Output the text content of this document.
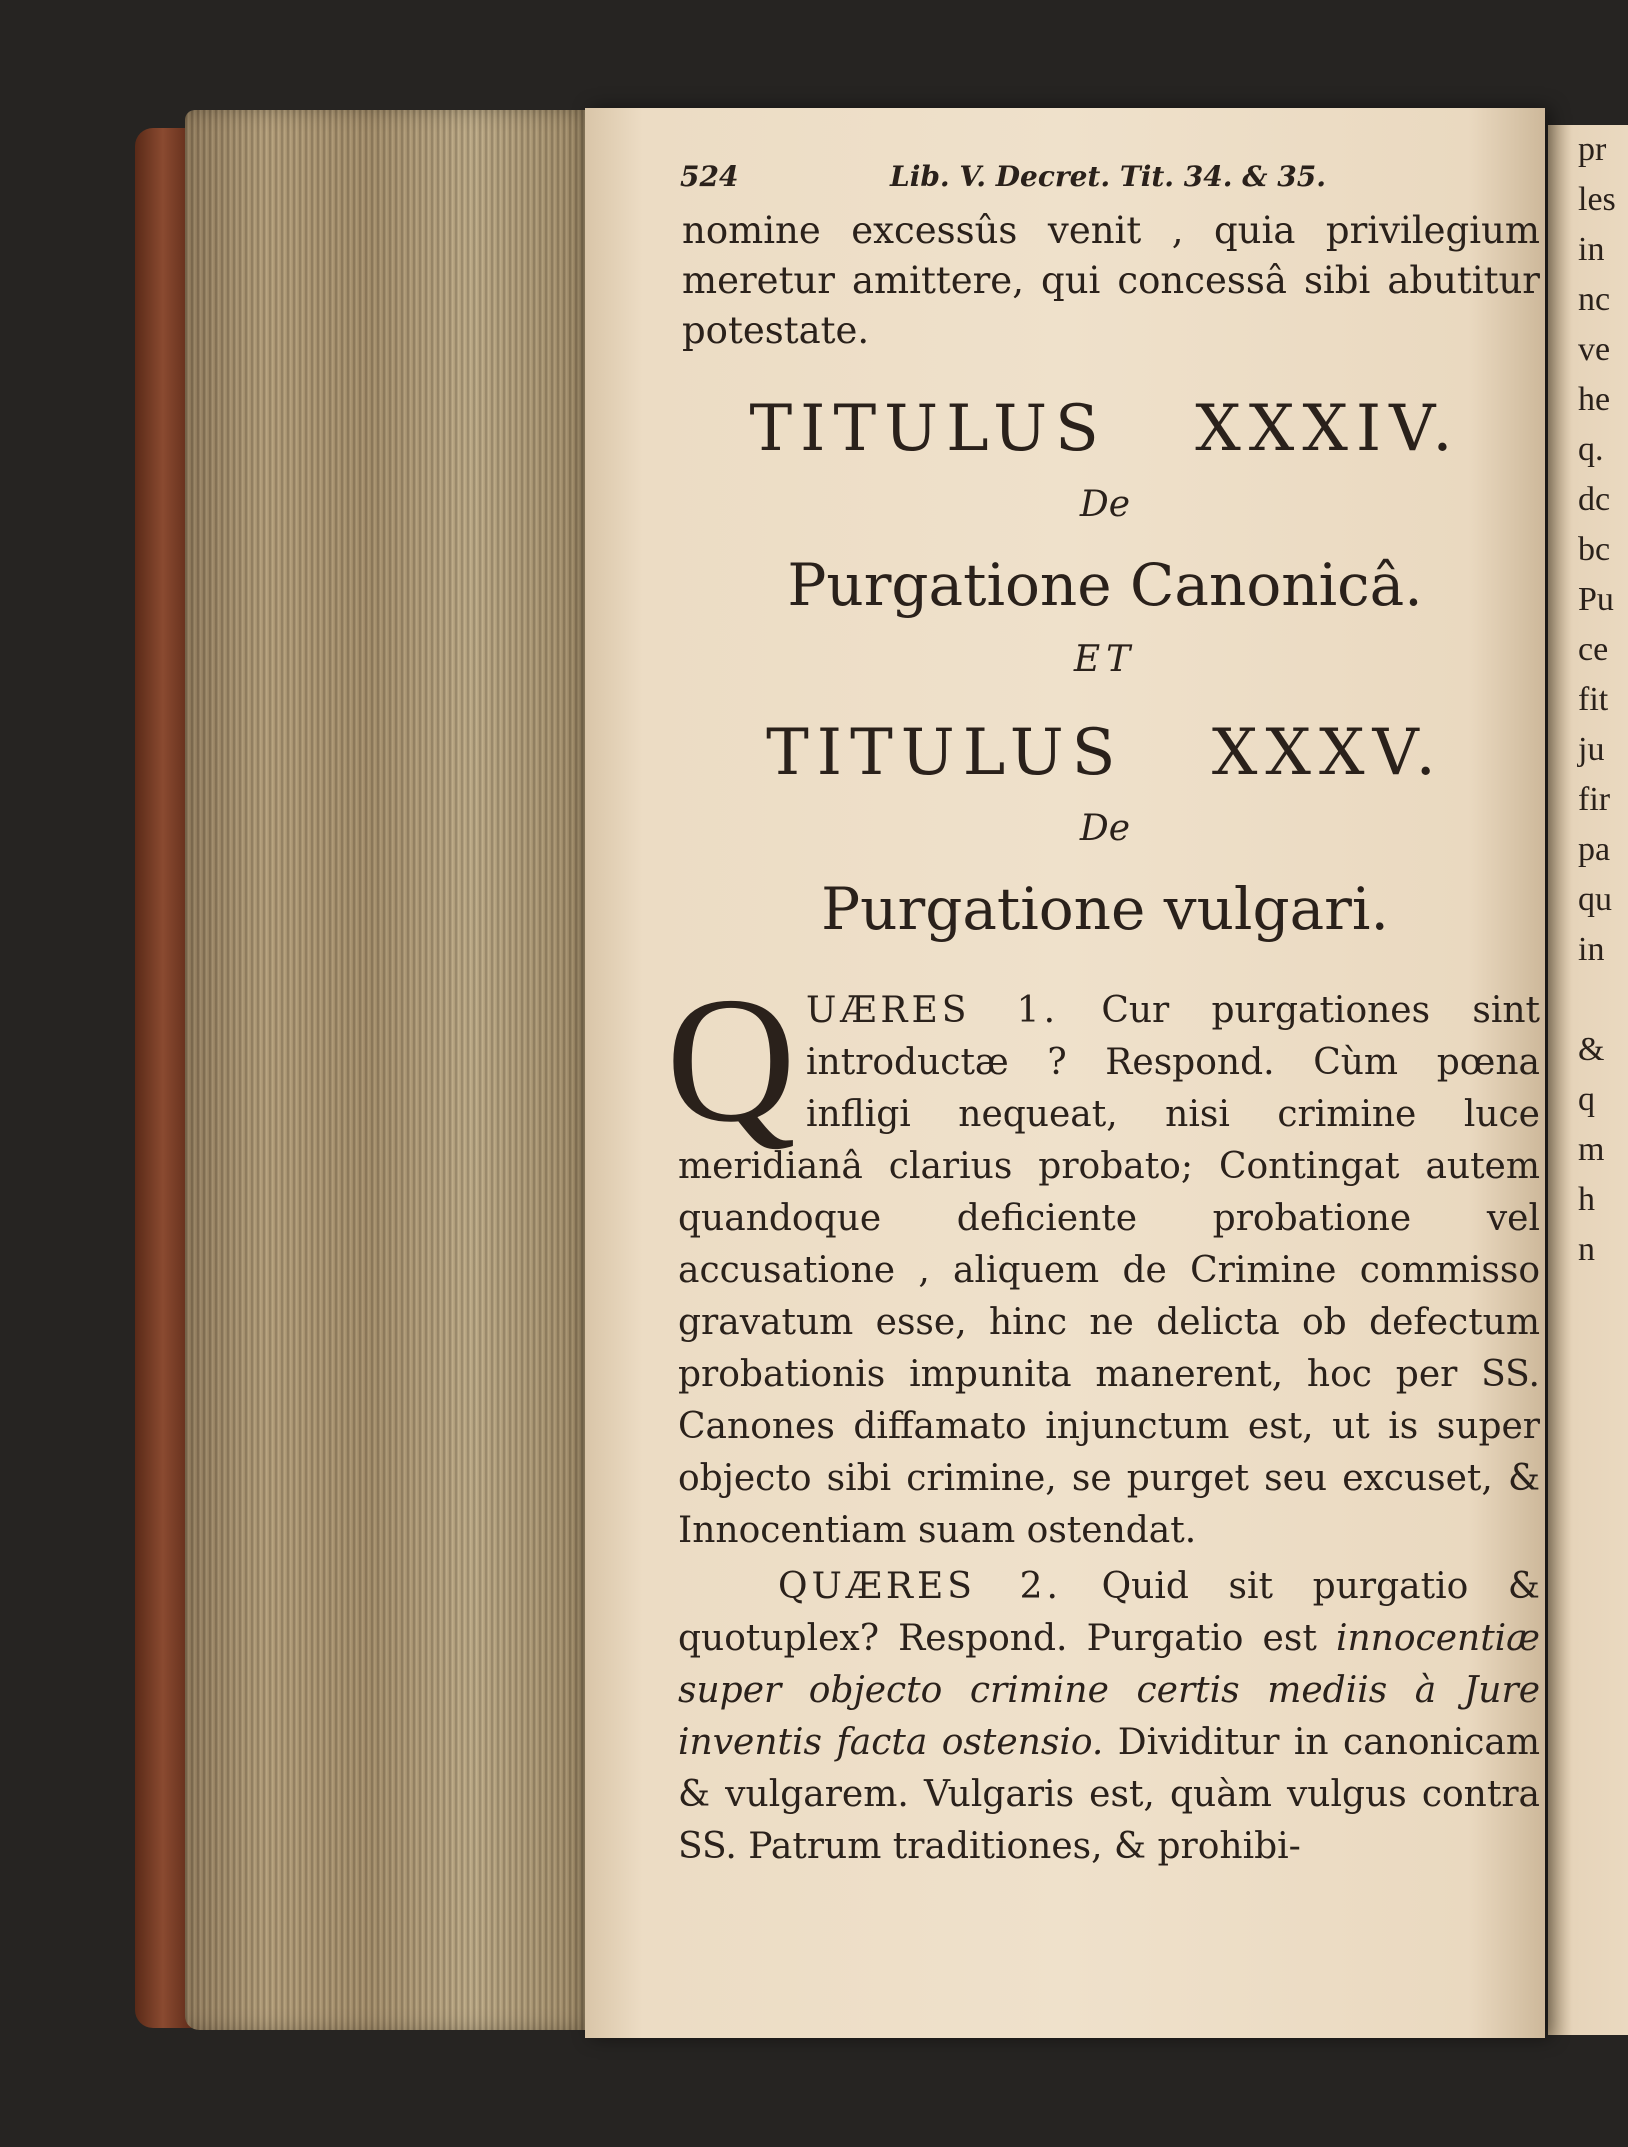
pr
les
in
nc
ve
he
q.
dc
bc
Pu
ce
fit
ju
fir
pa
qu
in

&
q
m
h
n
524	Lib. V. Decret. Tit. 34. & 35.

nomine excessûs venit , quia privilegium meretur amittere, qui concessâ sibi abutitur potestate.

TITULUS XXXIV.
De
Purgatione Canonicâ.
ET
TITULUS XXXV.
De
Purgatione vulgari.
Q UÆRES 1. Cur purgationes sint introductæ ? Respond. Cùm pœna infligi nequeat, nisi crimine luce meridianâ clarius probato; Contingat autem quandoque deficiente probatione vel accusatione , aliquem de Crimine commisso gravatum esse, hinc ne delicta ob defectum probationis impunita manerent, hoc per SS. Canones diffamato injunctum est, ut is super objecto sibi crimine, se purget seu excuset, & Innocentiam suam ostendat.
QUÆRES 2. Quid sit purgatio & quotuplex? Respond. Purgatio est innocentiæ super objecto crimine certis mediis à Jure inventis facta ostensio. Dividitur in canonicam & vulgarem. Vulgaris est, quàm vulgus contra SS. Patrum traditiones, & prohibi-
